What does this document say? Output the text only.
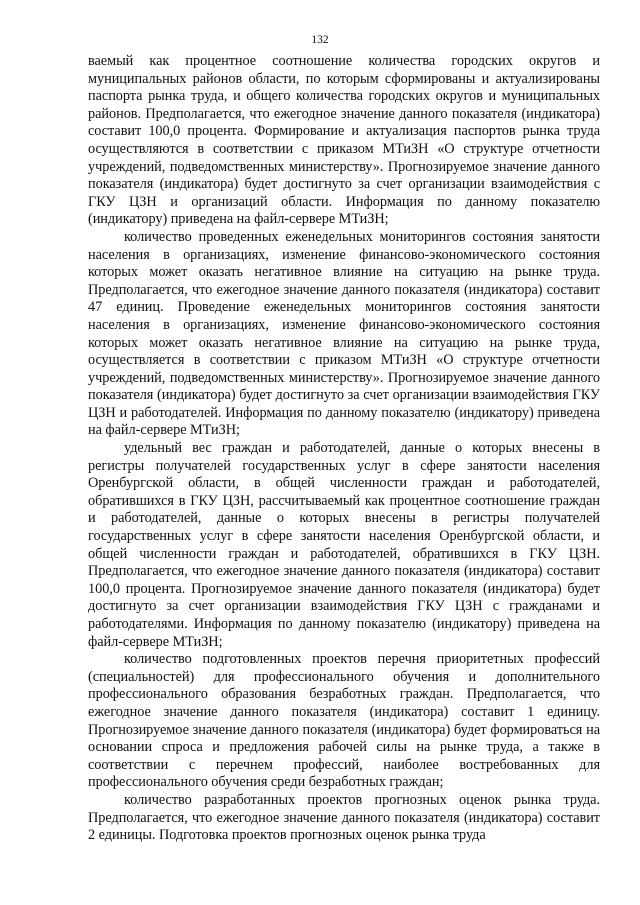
132

ваемый как процентное соотношение количества городских округов и муниципальных районов области, по которым сформированы и актуализированы паспорта рынка труда, и общего количества городских округов и муниципальных районов. Предполагается, что ежегодное значение данного показателя (индикатора) составит 100,0 процента. Формирование и актуализация паспортов рынка труда осуществляются в соответствии с приказом МТиЗН «О структуре отчетности учреждений, подведомственных министерству». Прогнозируемое значение данного показателя (индикатора) будет достигнуто за счет организации взаимодействия с ГКУ ЦЗН и организаций области. Информация по данному показателю (индикатору) приведена на файл-сервере МТиЗН;

количество проведенных еженедельных мониторингов состояния занятости населения в организациях, изменение финансово-экономического состояния которых может оказать негативное влияние на ситуацию на рынке труда. Предполагается, что ежегодное значение данного показателя (индикатора) составит 47 единиц. Проведение еженедельных мониторингов состояния занятости населения в организациях, изменение финансово-экономического состояния которых может оказать негативное влияние на ситуацию на рынке труда, осуществляется в соответствии с приказом МТиЗН «О структуре отчетности учреждений, подведомственных министерству». Прогнозируемое значение данного показателя (индикатора) будет достигнуто за счет организации взаимодействия ГКУ ЦЗН и работодателей. Информация по данному показателю (индикатору) приведена на файл-сервере МТиЗН;

удельный вес граждан и работодателей, данные о которых внесены в регистры получателей государственных услуг в сфере занятости населения Оренбургской области, в общей численности граждан и работодателей, обратившихся в ГКУ ЦЗН, рассчитываемый как процентное соотношение граждан и работодателей, данные о которых внесены в регистры получателей государственных услуг в сфере занятости населения Оренбургской области, и общей численности граждан и работодателей, обратившихся в ГКУ ЦЗН. Предполагается, что ежегодное значение данного показателя (индикатора) составит 100,0 процента. Прогнозируемое значение данного показателя (индикатора) будет достигнуто за счет организации взаимодействия ГКУ ЦЗН с гражданами и работодателями. Информация по данному показателю (индикатору) приведена на файл-сервере МТиЗН;

количество подготовленных проектов перечня приоритетных профессий (специальностей) для профессионального обучения и дополнительного профессионального образования безработных граждан. Предполагается, что ежегодное значение данного показателя (индикатора) составит 1 единицу. Прогнозируемое значение данного показателя (индикатора) будет формироваться на основании спроса и предложения рабочей силы на рынке труда, а также в соответствии с перечнем профессий, наиболее востребованных для профессионального обучения среди безработных граждан;

количество разработанных проектов прогнозных оценок рынка труда. Предполагается, что ежегодное значение данного показателя (индикатора) составит 2 единицы. Подготовка проектов прогнозных оценок рынка труда
